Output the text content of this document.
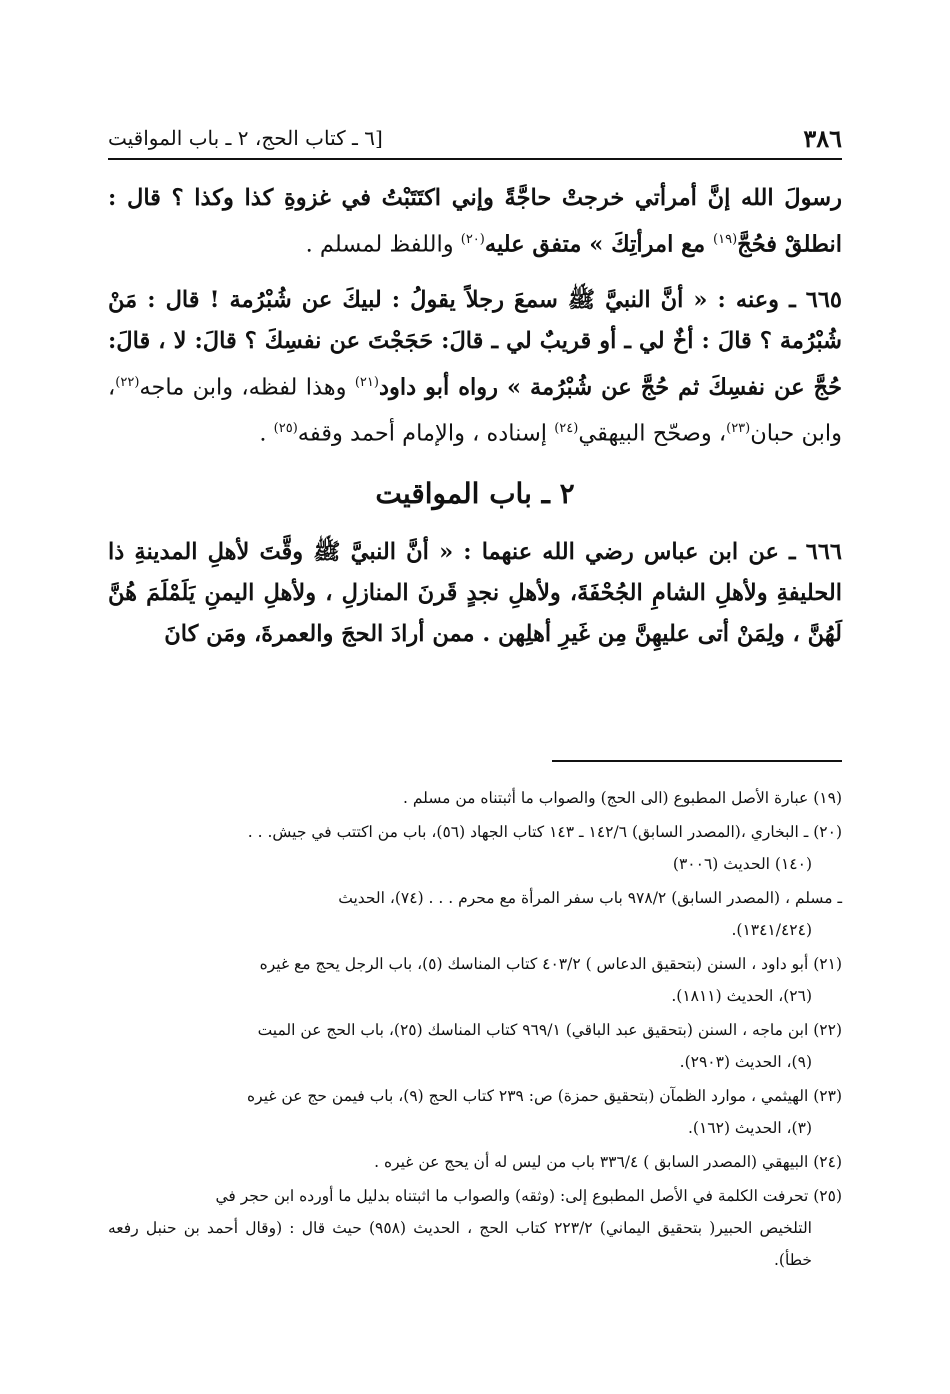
٣٨٦
[٦ ـ كتاب الحج، ٢ ـ باب المواقيت

رسولَ الله إنَّ أمرأتي خرجتْ حاجَّةً وإني اكتَتَبْتُ في غزوةِ كذا وكذا ؟ قال : انطلقْ فحُجَّ$^{(١٩)}$ مع امرأتِكَ » متفق عليه$^{(٢٠)}$ واللفظ لمسلم .

٦٦٥ ـ وعنه : « أنَّ النبيَّ ﷺ سمعَ رجلاً يقولُ : لبيكَ عن شُبْرُمة ! قال : مَنْ شُبْرُمة ؟ قالَ : أخٌ لي ـ أو قريبٌ لي ـ قالَ: حَجَجْتَ عن نفسِكَ ؟ قالَ: لا ، قالَ: حُجَّ عن نفسِكَ ثم حُجَّ عن شُبْرُمة » رواه أبو داود$^{(٢١)}$ وهذا لفظه، وابن ماجه$^{(٢٢)}$، وابن حبان$^{(٢٣)}$، وصحّح البيهقي$^{(٢٤)}$ إسناده ، والإمام أحمد وقفه$^{(٢٥)}$ .

٢ ـ باب المواقيت

٦٦٦ ـ عن ابن عباس رضي الله عنهما : « أنَّ النبيَّ ﷺ وقَّتَ لأهلِ المدينةِ ذا الحليفةِ ولأهلِ الشامِ الجُحْفَةَ، ولأهلِ نجدٍ قَرنَ المنازلِ ، ولأهلِ اليمنِ يَلَمْلَمَ هُنَّ لَهُنَّ ، ولِمَنْ أتى عليهِنَّ مِن غَيرِ أهلِهن . ممن أرادَ الحجَ والعمرةَ، ومَن كانَ

(١٩) عبارة الأصل المطبوع (الى الحج) والصواب ما أثبتناه من مسلم .
(٢٠) ـ البخاري ،(المصدر السابق) ١٤٢/٦ ـ ١٤٣ كتاب الجهاد (٥٦)، باب من اكتتب في جيش. . .
(١٤٠) الحديث (٣٠٠٦)
ـ مسلم ، (المصدر السابق) ٩٧٨/٢ باب سفر المرأة مع محرم . . . (٧٤)، الحديث
(١٣٤١/٤٢٤).
(٢١) أبو داود ، السنن (بتحقيق الدعاس ) ٤٠٣/٢ كتاب المناسك (٥)، باب الرجل يحج مع غيره
(٢٦)، الحديث (١٨١١).
(٢٢) ابن ماجه ، السنن (بتحقيق عبد الباقي) ٩٦٩/١ كتاب المناسك (٢٥)، باب الحج عن الميت
(٩)، الحديث (٢٩٠٣).
(٢٣) الهيثمي ، موارد الظمآن (بتحقيق حمزة) ص: ٢٣٩ كتاب الحج (٩)، باب فيمن حج عن غيره
(٣)، الحديث (١٦٢).
(٢٤) البيهقي (المصدر السابق ) ٣٣٦/٤ باب من ليس له أن يحج عن غيره .
(٢٥) تحرفت الكلمة في الأصل المطبوع إلى: (وثقه) والصواب ما اثبتناه بدليل ما أورده ابن حجر في
التلخيص الحبير( بتحقيق اليماني) ٢٢٣/٢ كتاب الحج ، الحديث (٩٥٨) حيث قال : (وقال أحمد بن حنبل رفعه خطأ).
